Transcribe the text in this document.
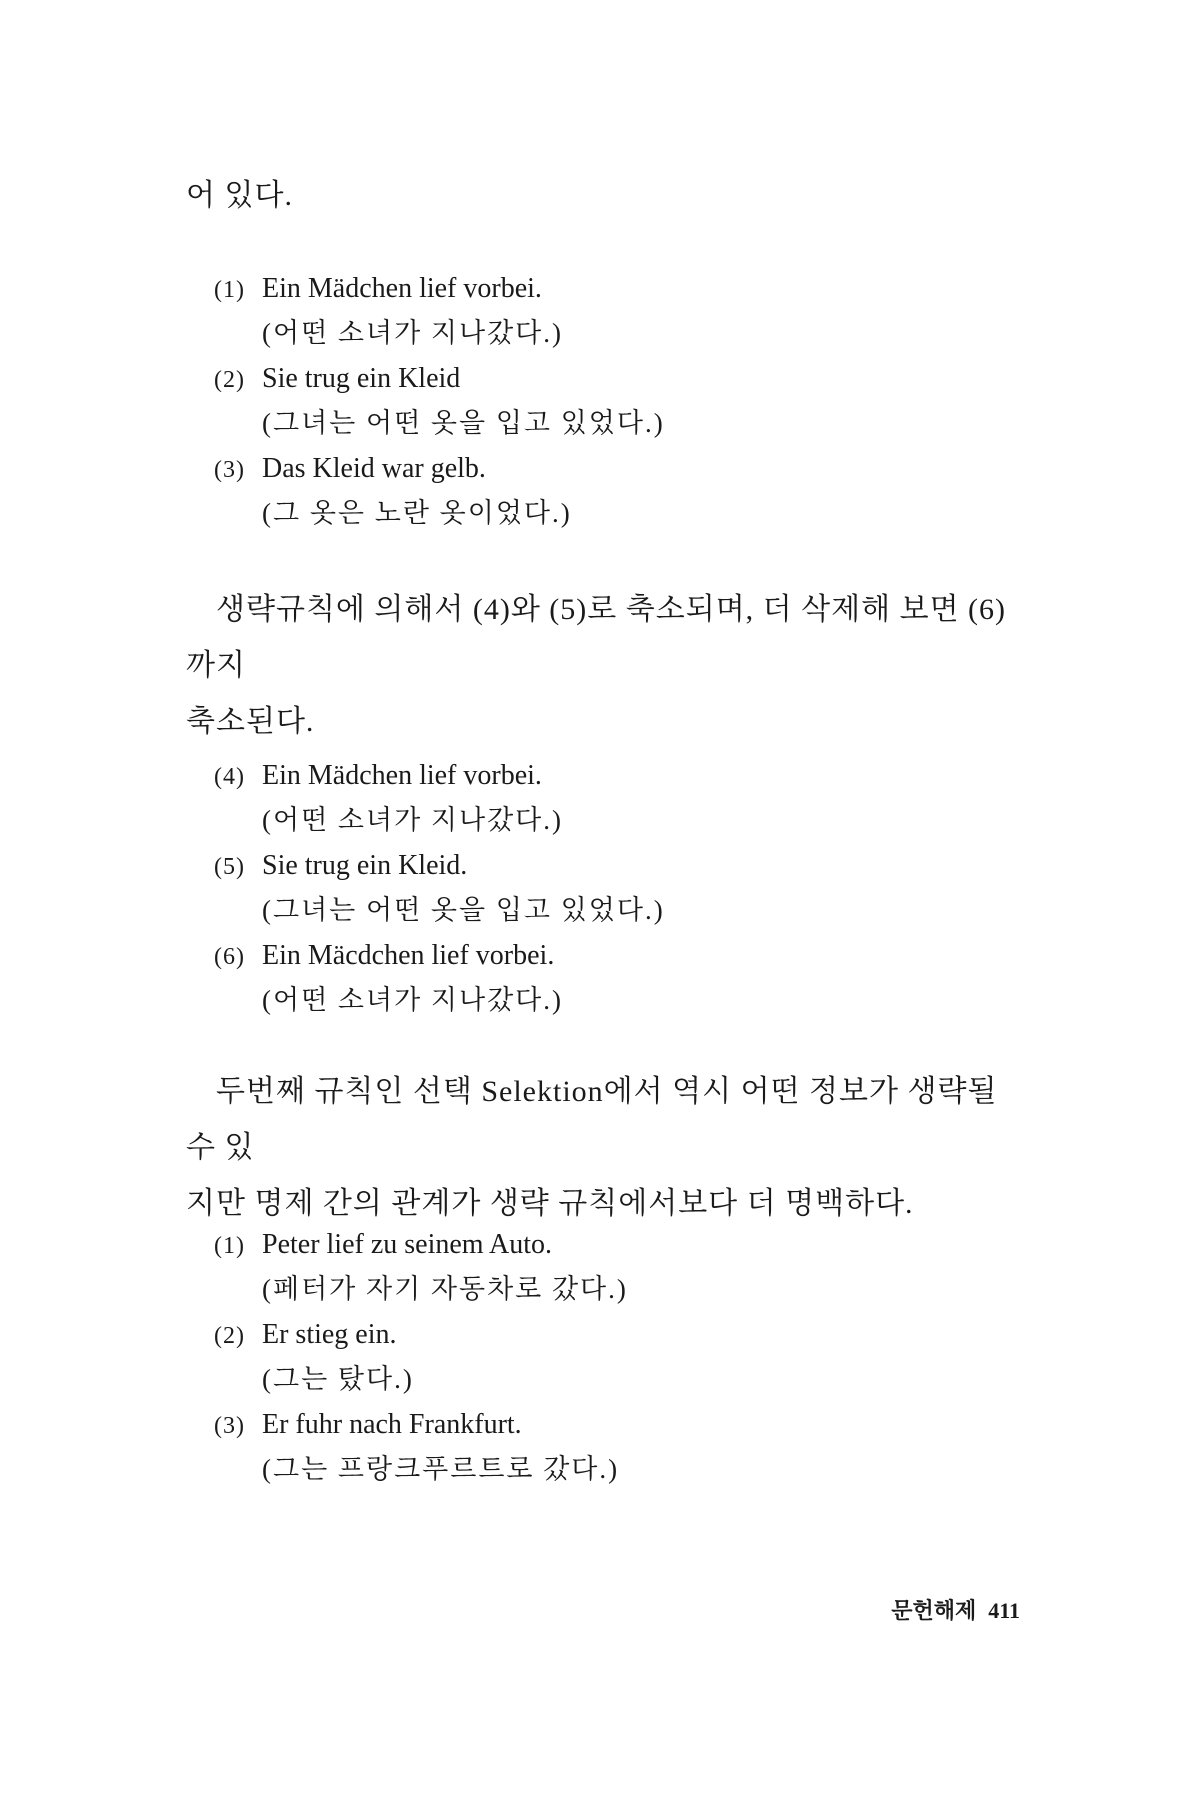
어 있다.
(1) Ein Mädchen lief vorbei.
(어떤 소녀가 지나갔다.)
(2) Sie trug ein Kleid
(그녀는 어떤 옷을 입고 있었다.)
(3) Das Kleid war gelb.
(그 옷은 노란 옷이었다.)
생략규칙에 의해서 (4)와 (5)로 축소되며, 더 삭제해 보면 (6)까지
축소된다.
(4) Ein Mädchen lief vorbei.
(어떤 소녀가 지나갔다.)
(5) Sie trug ein Kleid.
(그녀는 어떤 옷을 입고 있었다.)
(6) Ein Mäcdchen lief vorbei.
(어떤 소녀가 지나갔다.)
두번째 규칙인 선택 Selektion에서 역시 어떤 정보가 생략될 수 있
지만 명제 간의 관계가 생략 규칙에서보다 더 명백하다.
(1) Peter lief zu seinem Auto.
(페터가 자기 자동차로 갔다.)
(2) Er stieg ein.
(그는 탔다.)
(3) Er fuhr nach Frankfurt.
(그는 프랑크푸르트로 갔다.)
문헌해제 411
